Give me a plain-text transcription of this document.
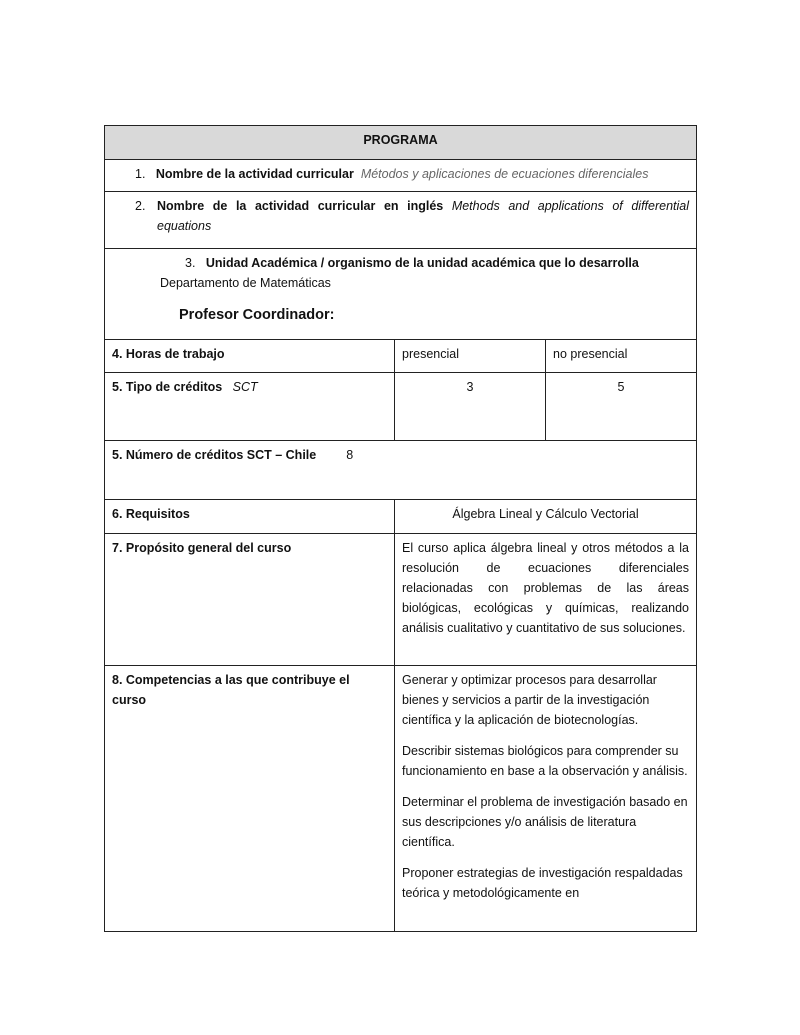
PROGRAMA		
1. Nombre de la actividad curricular Métodos y aplicaciones de ecuaciones diferenciales		

2. Nombre de la actividad curricular en inglés Methods and applications of differential equations		

3. Unidad Académica / organismo de la unidad académica que lo desarrolla
Departamento de Matemáticas
Profesor Coordinador:		

4. Horas de trabajo	presencial	no presencial
5. Tipo de créditos SCT	3	5
5. Número de créditos SCT – Chile 8		
6. Requisitos	Álgebra Lineal y Cálculo Vectorial	
7. Propósito general del curso	El curso aplica álgebra lineal y otros métodos a la resolución de ecuaciones diferenciales relacionadas con problemas de las áreas biológicas, ecológicas y químicas, realizando análisis cualitativo y cuantitativo de sus soluciones.	
8. Competencias a las que contribuye el curso	Generar y optimizar procesos para desarrollar bienes y servicios a partir de la investigación científica y la aplicación de biotecnologías.

Describir sistemas biológicos para comprender su funcionamiento en base a la observación y análisis.

Determinar el problema de investigación basado en sus descripciones y/o análisis de literatura científica.

Proponer estrategias de investigación respaldadas teórica y metodológicamente en	
